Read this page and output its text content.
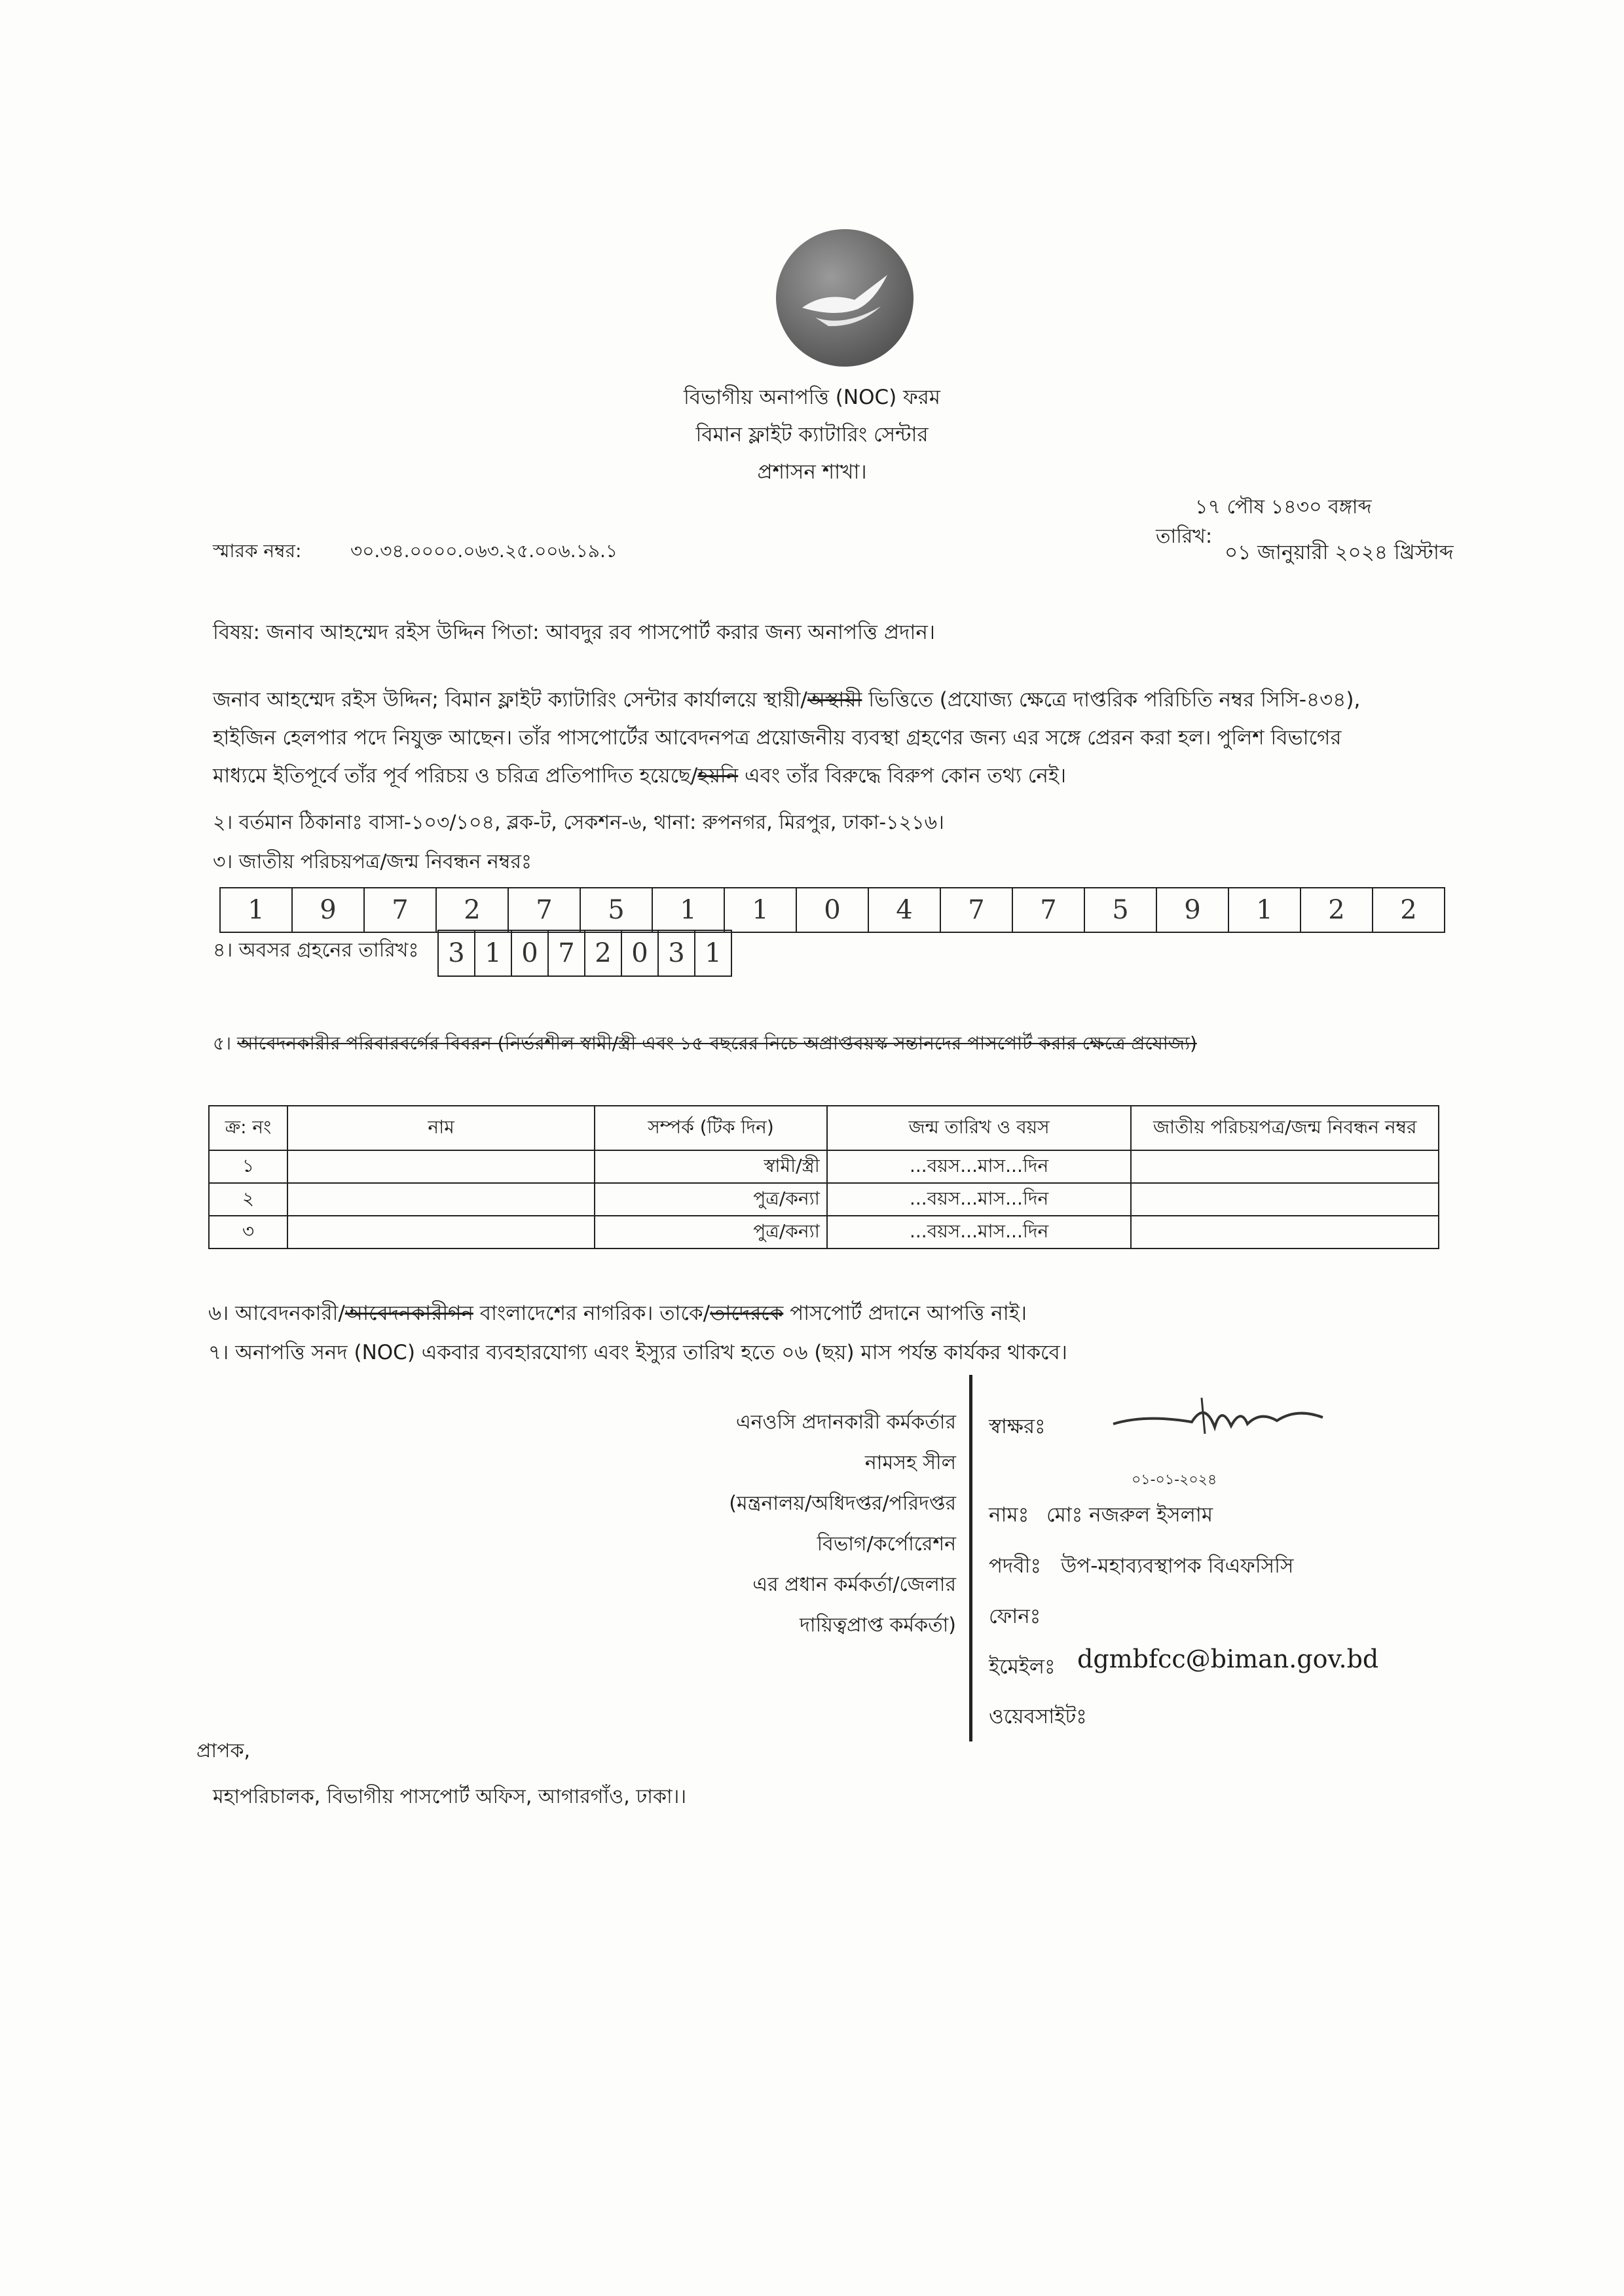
বিভাগীয় অনাপত্তি (NOC) ফরম
বিমান ফ্লাইট ক্যাটারিং সেন্টার
প্রশাসন শাখা।
স্মারক নম্বর:	৩০.৩৪.০০০০.০৬৩.২৫.০০৬.১৯.১
১৭ পৌষ ১৪৩০ বঙ্গাব্দ
তারিখ:
০১ জানুয়ারী ২০২৪ খ্রিস্টাব্দ
বিষয়: জনাব আহম্মেদ রইস উদ্দিন পিতা: আবদুর রব পাসপোর্ট করার জন্য অনাপত্তি প্রদান।
জনাব আহম্মেদ রইস উদ্দিন; বিমান ফ্লাইট ক্যাটারিং সেন্টার কার্যালয়ে স্থায়ী/অস্থায়ী ভিত্তিতে (প্রযোজ্য ক্ষেত্রে দাপ্তরিক পরিচিতি নম্বর সিসি-৪৩৪),
হাইজিন হেলপার পদে নিযুক্ত আছেন। তাঁর পাসপোর্টের আবেদনপত্র প্রয়োজনীয় ব্যবস্থা গ্রহণের জন্য এর সঙ্গে প্রেরন করা হল। পুলিশ বিভাগের
মাধ্যমে ইতিপূর্বে তাঁর পূর্ব পরিচয় ও চরিত্র প্রতিপাদিত হয়েছে/হয়নি এবং তাঁর বিরুদ্ধে বিরুপ কোন তথ্য নেই।
২। বর্তমান ঠিকানাঃ বাসা-১০৩/১০৪, ব্লক-ট, সেকশন-৬, থানা: রুপনগর, মিরপুর, ঢাকা-১২১৬।
৩। জাতীয় পরিচয়পত্র/জন্ম নিবন্ধন নম্বরঃ
1	9	7	2	7	5	1	1	0	4	7	7	5	9	1	2	2
৪। অবসর গ্রহনের তারিখঃ	3 1 0 7 2 0 3 1
৫। আবেদনকারীর পরিবারবর্গের বিবরন (নির্ভরশীল স্বামী/স্ত্রী এবং ১৫ বছরের নিচে অপ্রাপ্তবয়স্ক সন্তানদের পাসপোর্ট করার ক্ষেত্রে প্রযোজ্য)
ক্র: নং	নাম	সম্পর্ক (টিক দিন)	জন্ম তারিখ ও বয়স	জাতীয় পরিচয়পত্র/জন্ম নিবন্ধন নম্বর
১		স্বামী/স্ত্রী	...বয়স...মাস...দিন	
২		পুত্র/কন্যা	...বয়স...মাস...দিন	
৩		পুত্র/কন্যা	...বয়স...মাস...দিন	
৬। আবেদনকারী/আবেদনকারীগন বাংলাদেশের নাগরিক। তাকে/তাদেরকে পাসপোর্ট প্রদানে আপত্তি নাই।
৭। অনাপত্তি সনদ (NOC) একবার ব্যবহারযোগ্য এবং ইস্যুর তারিখ হতে ০৬ (ছয়) মাস পর্যন্ত কার্যকর থাকবে।
এনওসি প্রদানকারী কর্মকর্তার
নামসহ সীল
(মন্ত্রনালয়/অধিদপ্তর/পরিদপ্তর
বিভাগ/কর্পোরেশন
এর প্রধান কর্মকর্তা/জেলার
দায়িত্বপ্রাপ্ত কর্মকর্তা)
স্বাক্ষরঃ
০১-০১-২০২৪
নামঃ মোঃ নজরুল ইসলাম
পদবীঃ উপ-মহাব্যবস্থাপক বিএফসিসি
ফোনঃ
ইমেইলঃ dgmbfcc@biman.gov.bd
ওয়েবসাইটঃ
প্রাপক,
মহাপরিচালক, বিভাগীয় পাসপোর্ট অফিস, আগারগাঁও, ঢাকা।।
